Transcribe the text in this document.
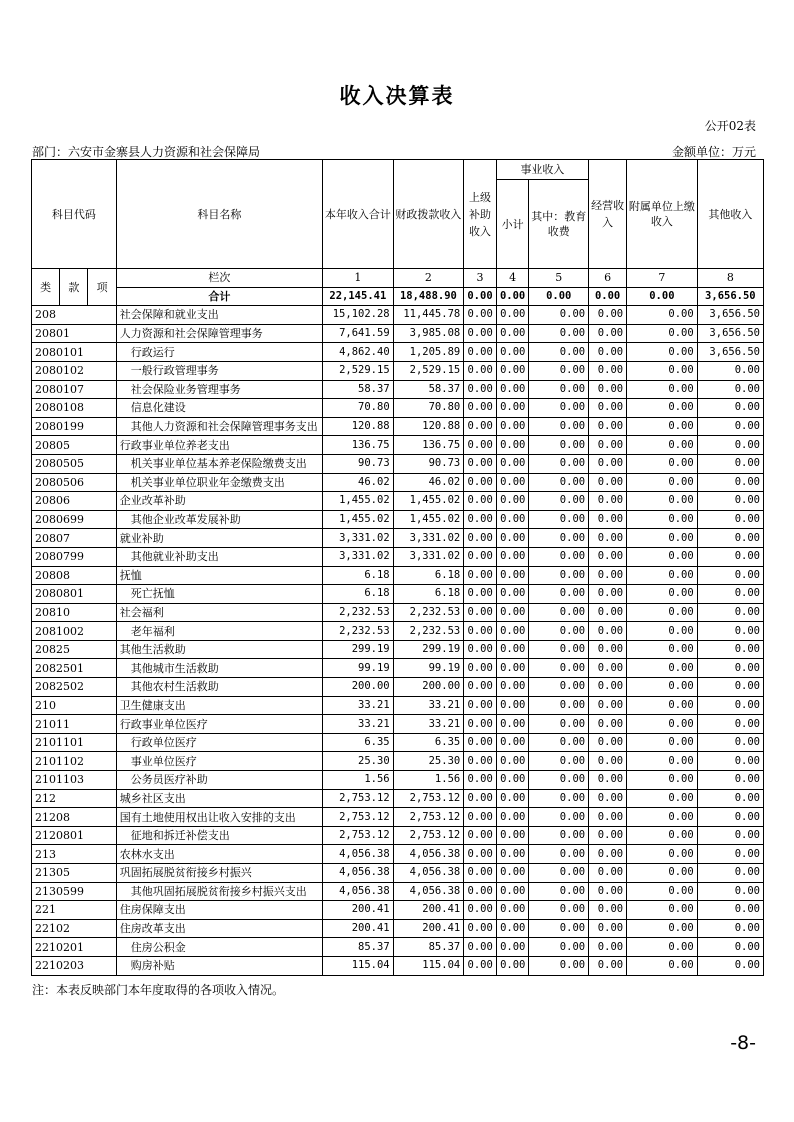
收入决算表
公开02表
部门：六安市金寨县人力资源和社会保障局	金额单位：万元
科目代码			科目名称	本年收入合计	财政拨款收入	上级补助收入	事业收入		经营收入	附属单位上缴收入	其他收入
							小计	其中：教育收费			

类	款	项	栏次	1	2	3	4	5	6	7	8
			合计	22,145.41	18,488.90	0.00	0.00	0.00	0.00	0.00	3,656.50
208			社会保障和就业支出	15,102.28	11,445.78	0.00	0.00	0.00	0.00	0.00	3,656.50
20801			人力资源和社会保障管理事务	7,641.59	3,985.08	0.00	0.00	0.00	0.00	0.00	3,656.50
2080101			行政运行	4,862.40	1,205.89	0.00	0.00	0.00	0.00	0.00	3,656.50
2080102			一般行政管理事务	2,529.15	2,529.15	0.00	0.00	0.00	0.00	0.00	0.00
2080107			社会保险业务管理事务	58.37	58.37	0.00	0.00	0.00	0.00	0.00	0.00
2080108			信息化建设	70.80	70.80	0.00	0.00	0.00	0.00	0.00	0.00
2080199			其他人力资源和社会保障管理事务支出	120.88	120.88	0.00	0.00	0.00	0.00	0.00	0.00
20805			行政事业单位养老支出	136.75	136.75	0.00	0.00	0.00	0.00	0.00	0.00
2080505			机关事业单位基本养老保险缴费支出	90.73	90.73	0.00	0.00	0.00	0.00	0.00	0.00
2080506			机关事业单位职业年金缴费支出	46.02	46.02	0.00	0.00	0.00	0.00	0.00	0.00
20806			企业改革补助	1,455.02	1,455.02	0.00	0.00	0.00	0.00	0.00	0.00
2080699			其他企业改革发展补助	1,455.02	1,455.02	0.00	0.00	0.00	0.00	0.00	0.00
20807			就业补助	3,331.02	3,331.02	0.00	0.00	0.00	0.00	0.00	0.00
2080799			其他就业补助支出	3,331.02	3,331.02	0.00	0.00	0.00	0.00	0.00	0.00
20808			抚恤	6.18	6.18	0.00	0.00	0.00	0.00	0.00	0.00
2080801			死亡抚恤	6.18	6.18	0.00	0.00	0.00	0.00	0.00	0.00
20810			社会福利	2,232.53	2,232.53	0.00	0.00	0.00	0.00	0.00	0.00
2081002			老年福利	2,232.53	2,232.53	0.00	0.00	0.00	0.00	0.00	0.00
20825			其他生活救助	299.19	299.19	0.00	0.00	0.00	0.00	0.00	0.00
2082501			其他城市生活救助	99.19	99.19	0.00	0.00	0.00	0.00	0.00	0.00
2082502			其他农村生活救助	200.00	200.00	0.00	0.00	0.00	0.00	0.00	0.00
210			卫生健康支出	33.21	33.21	0.00	0.00	0.00	0.00	0.00	0.00
21011			行政事业单位医疗	33.21	33.21	0.00	0.00	0.00	0.00	0.00	0.00
2101101			行政单位医疗	6.35	6.35	0.00	0.00	0.00	0.00	0.00	0.00
2101102			事业单位医疗	25.30	25.30	0.00	0.00	0.00	0.00	0.00	0.00
2101103			公务员医疗补助	1.56	1.56	0.00	0.00	0.00	0.00	0.00	0.00
212			城乡社区支出	2,753.12	2,753.12	0.00	0.00	0.00	0.00	0.00	0.00
21208			国有土地使用权出让收入安排的支出	2,753.12	2,753.12	0.00	0.00	0.00	0.00	0.00	0.00
2120801			征地和拆迁补偿支出	2,753.12	2,753.12	0.00	0.00	0.00	0.00	0.00	0.00
213			农林水支出	4,056.38	4,056.38	0.00	0.00	0.00	0.00	0.00	0.00
21305			巩固拓展脱贫衔接乡村振兴	4,056.38	4,056.38	0.00	0.00	0.00	0.00	0.00	0.00
2130599			其他巩固拓展脱贫衔接乡村振兴支出	4,056.38	4,056.38	0.00	0.00	0.00	0.00	0.00	0.00
221			住房保障支出	200.41	200.41	0.00	0.00	0.00	0.00	0.00	0.00
22102			住房改革支出	200.41	200.41	0.00	0.00	0.00	0.00	0.00	0.00
2210201			住房公积金	85.37	85.37	0.00	0.00	0.00	0.00	0.00	0.00
2210203			购房补贴	115.04	115.04	0.00	0.00	0.00	0.00	0.00	0.00
注：本表反映部门本年度取得的各项收入情况。
-8-
